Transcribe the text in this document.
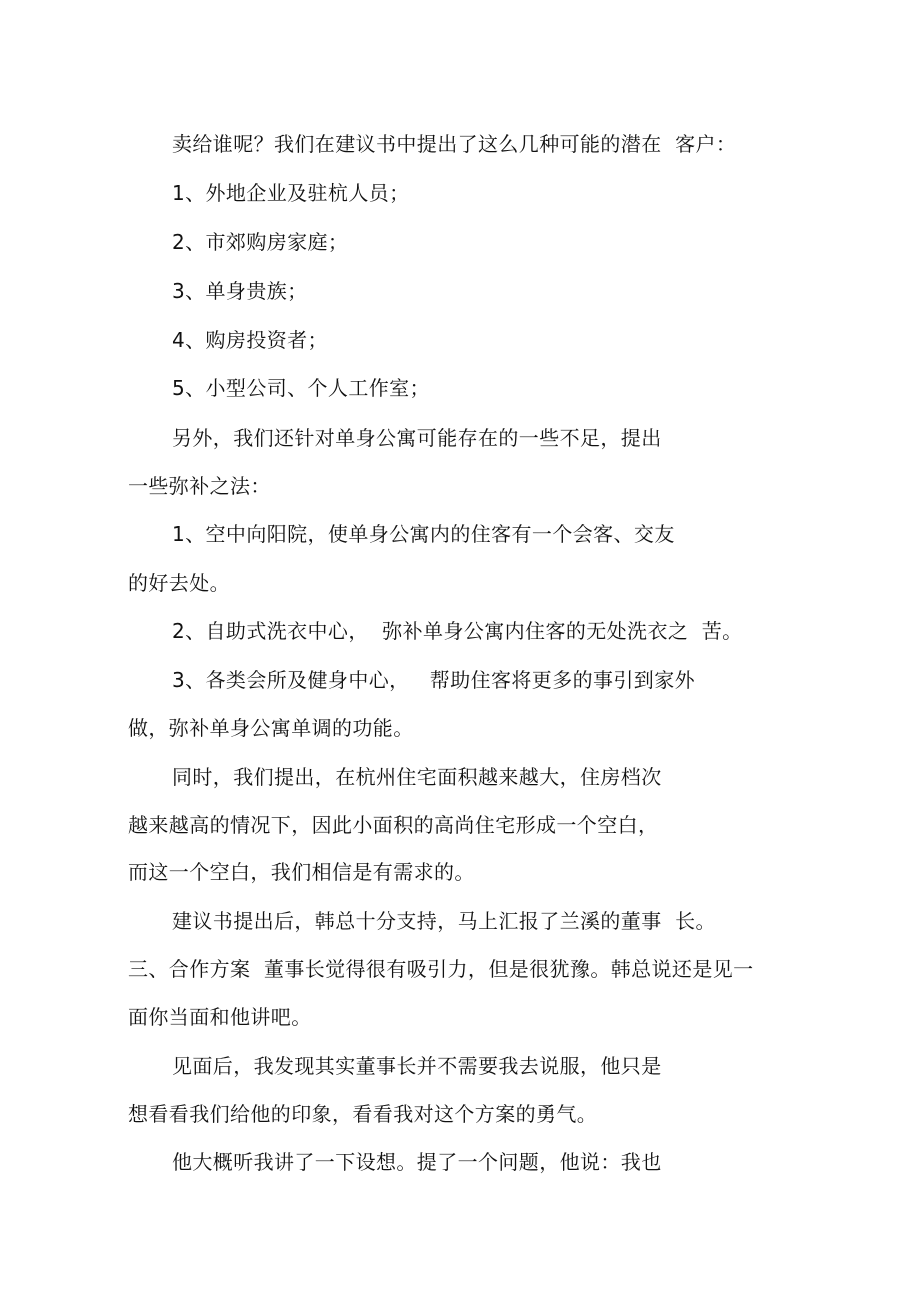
卖给谁呢？我们在建议书中提出了这么几种可能的潜在  客户：
1、外地企业及驻杭人员；
2、市郊购房家庭；
3、单身贵族；
4、购房投资者；
5、小型公司、个人工作室；
另外，我们还针对单身公寓可能存在的一些不足，提出
一些弥补之法：
1、空中向阳院，使单身公寓内的住客有一个会客、交友
的好去处。
2、自助式洗衣中心，  弥补单身公寓内住客的无处洗衣之  苦。
3、各类会所及健身中心，   帮助住客将更多的事引到家外
做，弥补单身公寓单调的功能。
同时，我们提出，在杭州住宅面积越来越大，住房档次
越来越高的情况下，因此小面积的高尚住宅形成一个空白，
而这一个空白，我们相信是有需求的。
建议书提出后，韩总十分支持，马上汇报了兰溪的董事  长。
三、合作方案  董事长觉得很有吸引力，但是很犹豫。韩总说还是见一
面你当面和他讲吧。
见面后，我发现其实董事长并不需要我去说服，他只是
想看看我们给他的印象，看看我对这个方案的勇气。
他大概听我讲了一下设想。提了一个问题，他说：我也
